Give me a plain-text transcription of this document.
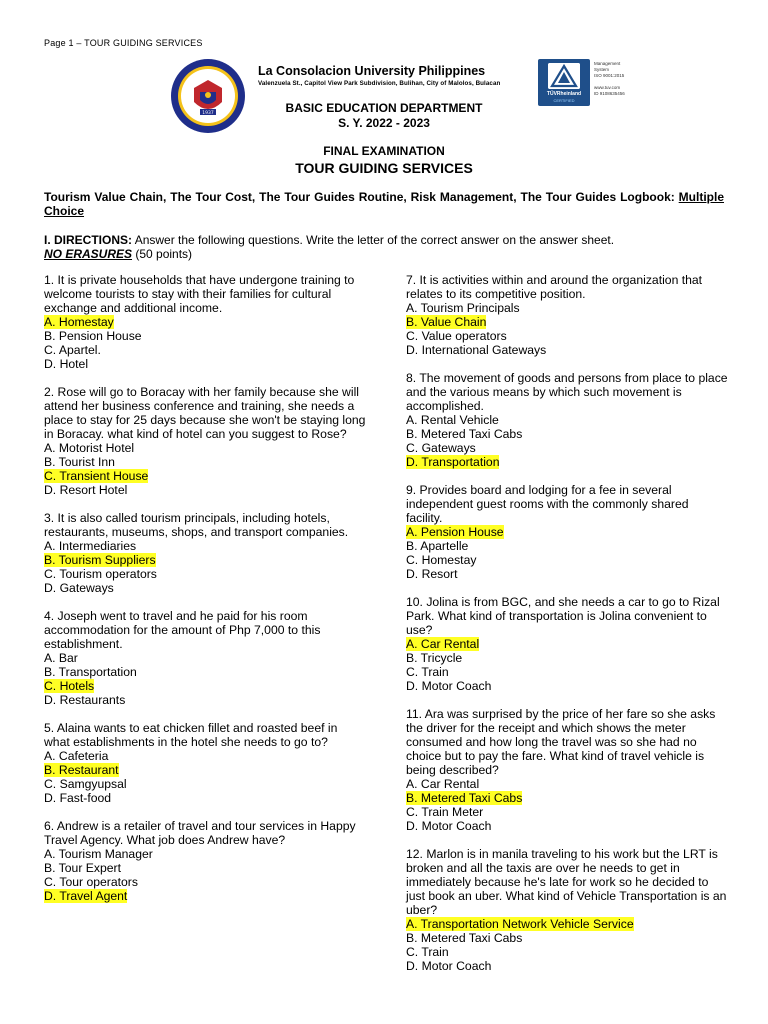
Page 1 – TOUR GUIDING SERVICES
1937
La Consolacion University Philippines
Valenzuela St., Capitol View Park Subdivision, Bulihan, City of Malolos, Bulacan
TÜVRheinland
CERTIFIED
Management
System
ISO 9001:2015

www.tuv.com
ID 9108635456
BASIC EDUCATION DEPARTMENT
S. Y. 2022 - 2023
FINAL EXAMINATION
TOUR GUIDING SERVICES
Tourism Value Chain, The Tour Cost, The Tour Guides Routine, Risk Management, The Tour Guides Logbook: Multiple Choice
I. DIRECTIONS: Answer the following questions. Write the letter of the correct answer on the answer sheet.
NO ERASURES (50 points)

1. It is private households that have undergone training to welcome tourists to stay with their families for cultural exchange and additional income.

A. Homestay
B. Pension House
C. Apartel.
D. Hotel

2. Rose will go to Boracay with her family because she will attend her business conference and training, she needs a place to stay for 25 days because she won't be staying long in Boracay. what kind of hotel can you suggest to Rose?

A. Motorist Hotel
B. Tourist Inn
C. Transient House
D. Resort Hotel

3. It is also called tourism principals, including hotels, restaurants, museums, shops, and transport companies.

A. Intermediaries
B. Tourism Suppliers
C. Tourism operators
D. Gateways

4. Joseph went to travel and he paid for his room accommodation for the amount of Php 7,000 to this establishment.

A. Bar
B. Transportation
C. Hotels
D. Restaurants

5. Alaina wants to eat chicken fillet and roasted beef in what establishments in the hotel she needs to go to?

A. Cafeteria
B. Restaurant
C. Samgyupsal
D. Fast-food

6. Andrew is a retailer of travel and tour services in Happy Travel Agency. What job does Andrew have?

A. Tourism Manager
B. Tour Expert
C. Tour operators
D. Travel Agent

7. It is activities within and around the organization that relates to its competitive position.

A. Tourism Principals
B. Value Chain
C. Value operators
D. International Gateways

8. The movement of goods and persons from place to place and the various means by which such movement is accomplished.

A. Rental Vehicle
B. Metered Taxi Cabs
C. Gateways
D. Transportation

9. Provides board and lodging for a fee in several independent guest rooms with the commonly shared facility.

A. Pension House
B. Apartelle
C. Homestay
D. Resort

10. Jolina is from BGC, and she needs a car to go to Rizal Park. What kind of transportation is Jolina convenient to use?

A. Car Rental
B. Tricycle
C. Train
D. Motor Coach

11. Ara was surprised by the price of her fare so she asks the driver for the receipt and which shows the meter consumed and how long the travel was so she had no choice but to pay the fare. What kind of travel vehicle is being described?

A. Car Rental
B. Metered Taxi Cabs
C. Train Meter
D. Motor Coach

12. Marlon is in manila traveling to his work but the LRT is broken and all the taxis are over he needs to get in immediately because he's late for work so he decided to just book an uber. What kind of Vehicle Transportation is an uber?

A. Transportation Network Vehicle Service
B. Metered Taxi Cabs
C. Train
D. Motor Coach
